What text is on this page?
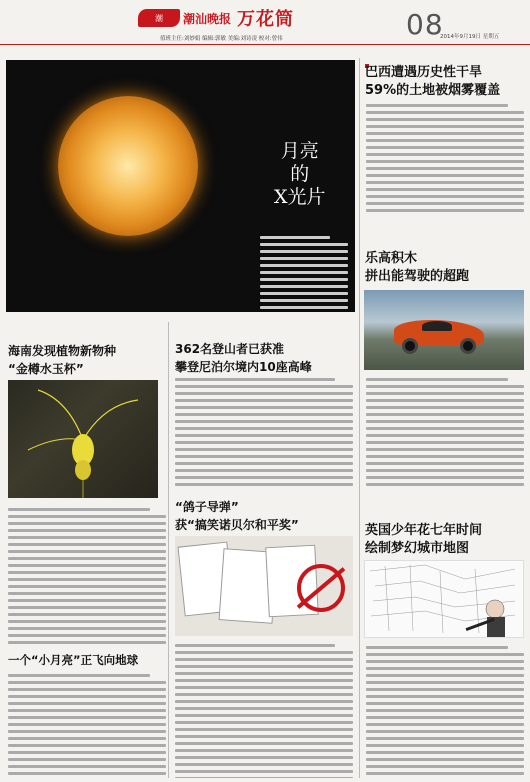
潮 潮汕晚报 万花筒
值班主任:刘妙娟 编辑:郭敏 美编:刘诗凌 校对:曾伟	08
2014年9月19日 星期五
月亮
的
X光片
巴西遭遇历史性干旱
59%的土地被烟雾覆盖
乐高积木
拼出能驾驶的超跑
英国少年花七年时间
绘制梦幻城市地图
海南发现植物新物种
“金樽水玉杯”
一个“小月亮”正飞向地球
362名登山者已获准
攀登尼泊尔境内10座高峰
“鸽子导弹”
获“搞笑诺贝尔和平奖”
